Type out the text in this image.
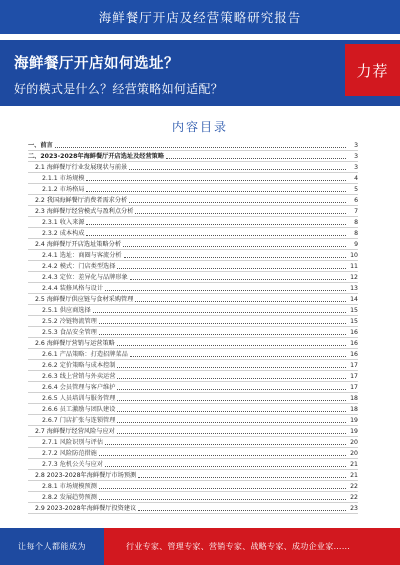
海鲜餐厅开店及经营策略研究报告
海鲜餐厅开店如何选址？
好的模式是什么？经营策略如何适配？
力荐
内容目录
一、前言	3
二、2023-2028年海鲜餐厅开店选址及经营策略	3
2.1 海鲜餐厅行业发展现状与前景	3
2.1.1 市场规模	4
2.1.2 市场格局	5
2.2 我国海鲜餐厅消费者需求分析	6
2.3 海鲜餐厅经营模式与盈利点分析	7
2.3.1 收入来源	8
2.3.2 成本构成	8
2.4 海鲜餐厅开店选址策略分析	9
2.4.1 选址：商圈与客流分析	10
2.4.2 模式：门店类型选择	11
2.4.3 定位：差异化与品牌形象	12
2.4.4 装修风格与设计	13
2.5 海鲜餐厅供应链与食材采购管理	14
2.5.1 供应商选择	15
2.5.2 冷链物流管理	15
2.5.3 食品安全管理	16
2.6 海鲜餐厅营销与运营策略	16
2.6.1 产品策略：打造招牌菜品	16
2.6.2 定价策略与成本控制	17
2.6.3 线上营销与外卖运营	17
2.6.4 会员管理与客户维护	17
2.6.5 人员培训与服务管理	18
2.6.6 员工激励与团队建设	18
2.6.7 门店扩张与连锁管理	19
2.7 海鲜餐厅经营风险与应对	19
2.7.1 风险识别与评估	20
2.7.2 风险防范措施	20
2.7.3 危机公关与应对	21
2.8 2023-2028年海鲜餐厅市场预测	21
2.8.1 市场规模预测	22
2.8.2 发展趋势预测	22
2.9 2023-2028年海鲜餐厅投资建议	23
让每个人都能成为	行业专家、管理专家、营销专家、战略专家、成功企业家……
